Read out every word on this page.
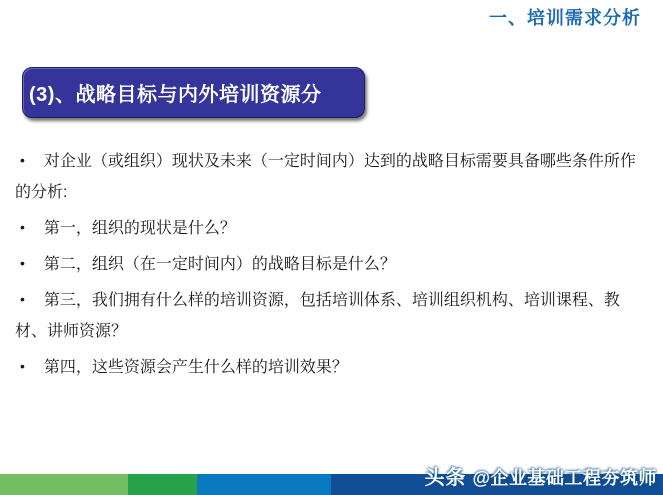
一、培训需求分析
(3)、战略目标与内外培训资源分
• 对企业（或组织）现状及未来（一定时间内）达到的战略目标需要具备哪些条件所作的分析:
• 第一，组织的现状是什么？
• 第二，组织（在一定时间内）的战略目标是什么？
• 第三，我们拥有什么样的培训资源，包括培训体系、培训组织机构、培训课程、教材、讲师资源？
• 第四，这些资源会产生什么样的培训效果？
头条 @企业基础工程夯筑师
